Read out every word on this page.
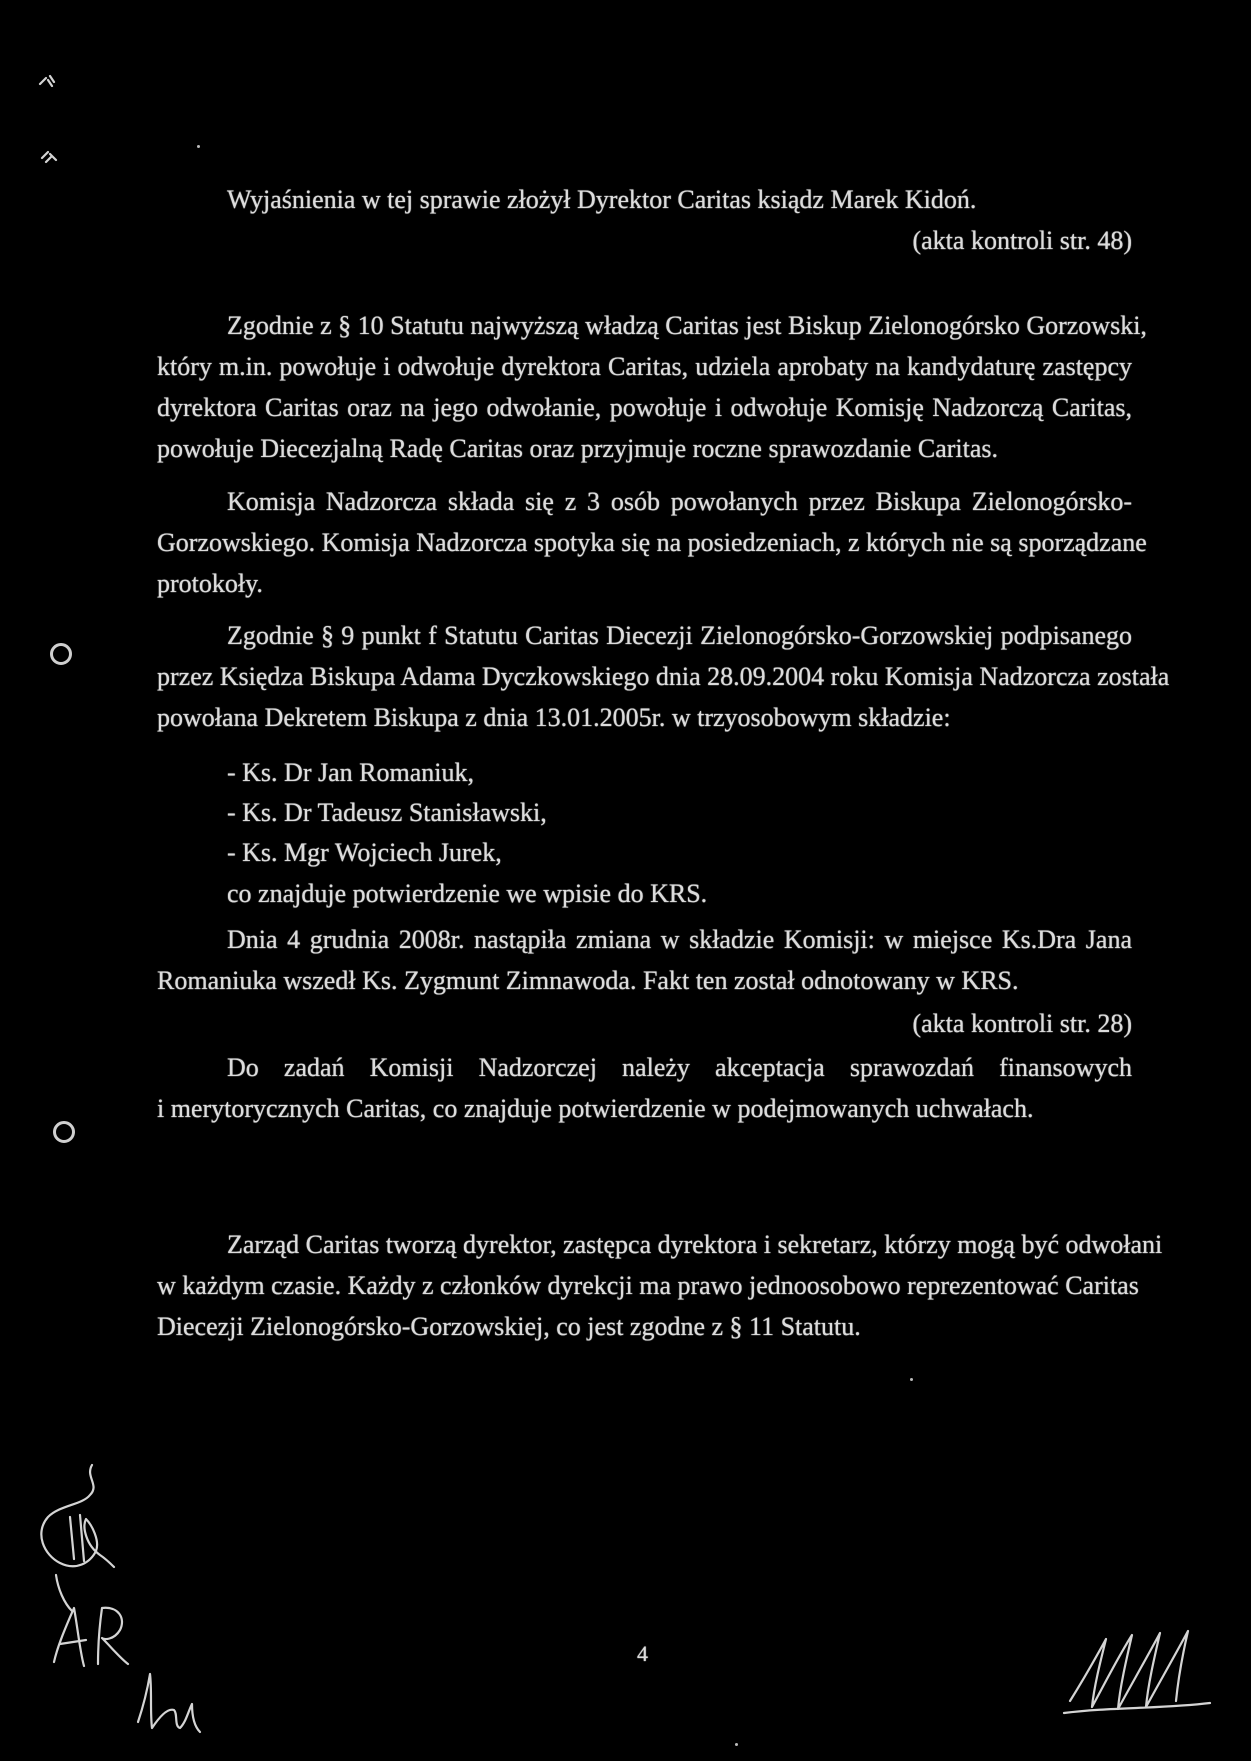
Wyjaśnienia w tej sprawie złożył Dyrektor Caritas ksiądz Marek Kidoń.
(akta kontroli str. 48)
Zgodnie z § 10 Statutu najwyższą władzą Caritas jest Biskup Zielonogórsko Gorzowski,
który m.in. powołuje i odwołuje dyrektora Caritas, udziela aprobaty na kandydaturę zastępcy
dyrektora Caritas oraz na jego odwołanie, powołuje i odwołuje Komisję Nadzorczą Caritas,
powołuje Diecezjalną Radę Caritas oraz przyjmuje roczne sprawozdanie Caritas.
Komisja Nadzorcza składa się z 3 osób powołanych przez Biskupa Zielonogórsko-
Gorzowskiego. Komisja Nadzorcza spotyka się na posiedzeniach, z których nie są sporządzane
protokoły.
Zgodnie § 9 punkt f Statutu Caritas Diecezji Zielonogórsko-Gorzowskiej podpisanego
przez Księdza Biskupa Adama Dyczkowskiego dnia 28.09.2004 roku Komisja Nadzorcza została
powołana Dekretem Biskupa z dnia 13.01.2005r. w trzyosobowym składzie:
- Ks. Dr Jan Romaniuk,
- Ks. Dr Tadeusz Stanisławski,
- Ks. Mgr Wojciech Jurek,
co znajduje potwierdzenie we wpisie do KRS.
Dnia 4 grudnia 2008r. nastąpiła zmiana w składzie Komisji: w miejsce Ks.Dra Jana
Romaniuka wszedł Ks. Zygmunt Zimnawoda. Fakt ten został odnotowany w KRS.
(akta kontroli str. 28)
Do zadań Komisji Nadzorczej należy akceptacja sprawozdań finansowych
i merytorycznych Caritas, co znajduje potwierdzenie w podejmowanych uchwałach.
Zarząd Caritas tworzą dyrektor, zastępca dyrektora i sekretarz, którzy mogą być odwołani
w każdym czasie. Każdy z członków dyrekcji ma prawo jednoosobowo reprezentować Caritas
Diecezji Zielonogórsko-Gorzowskiej, co jest zgodne z § 11 Statutu.
4
